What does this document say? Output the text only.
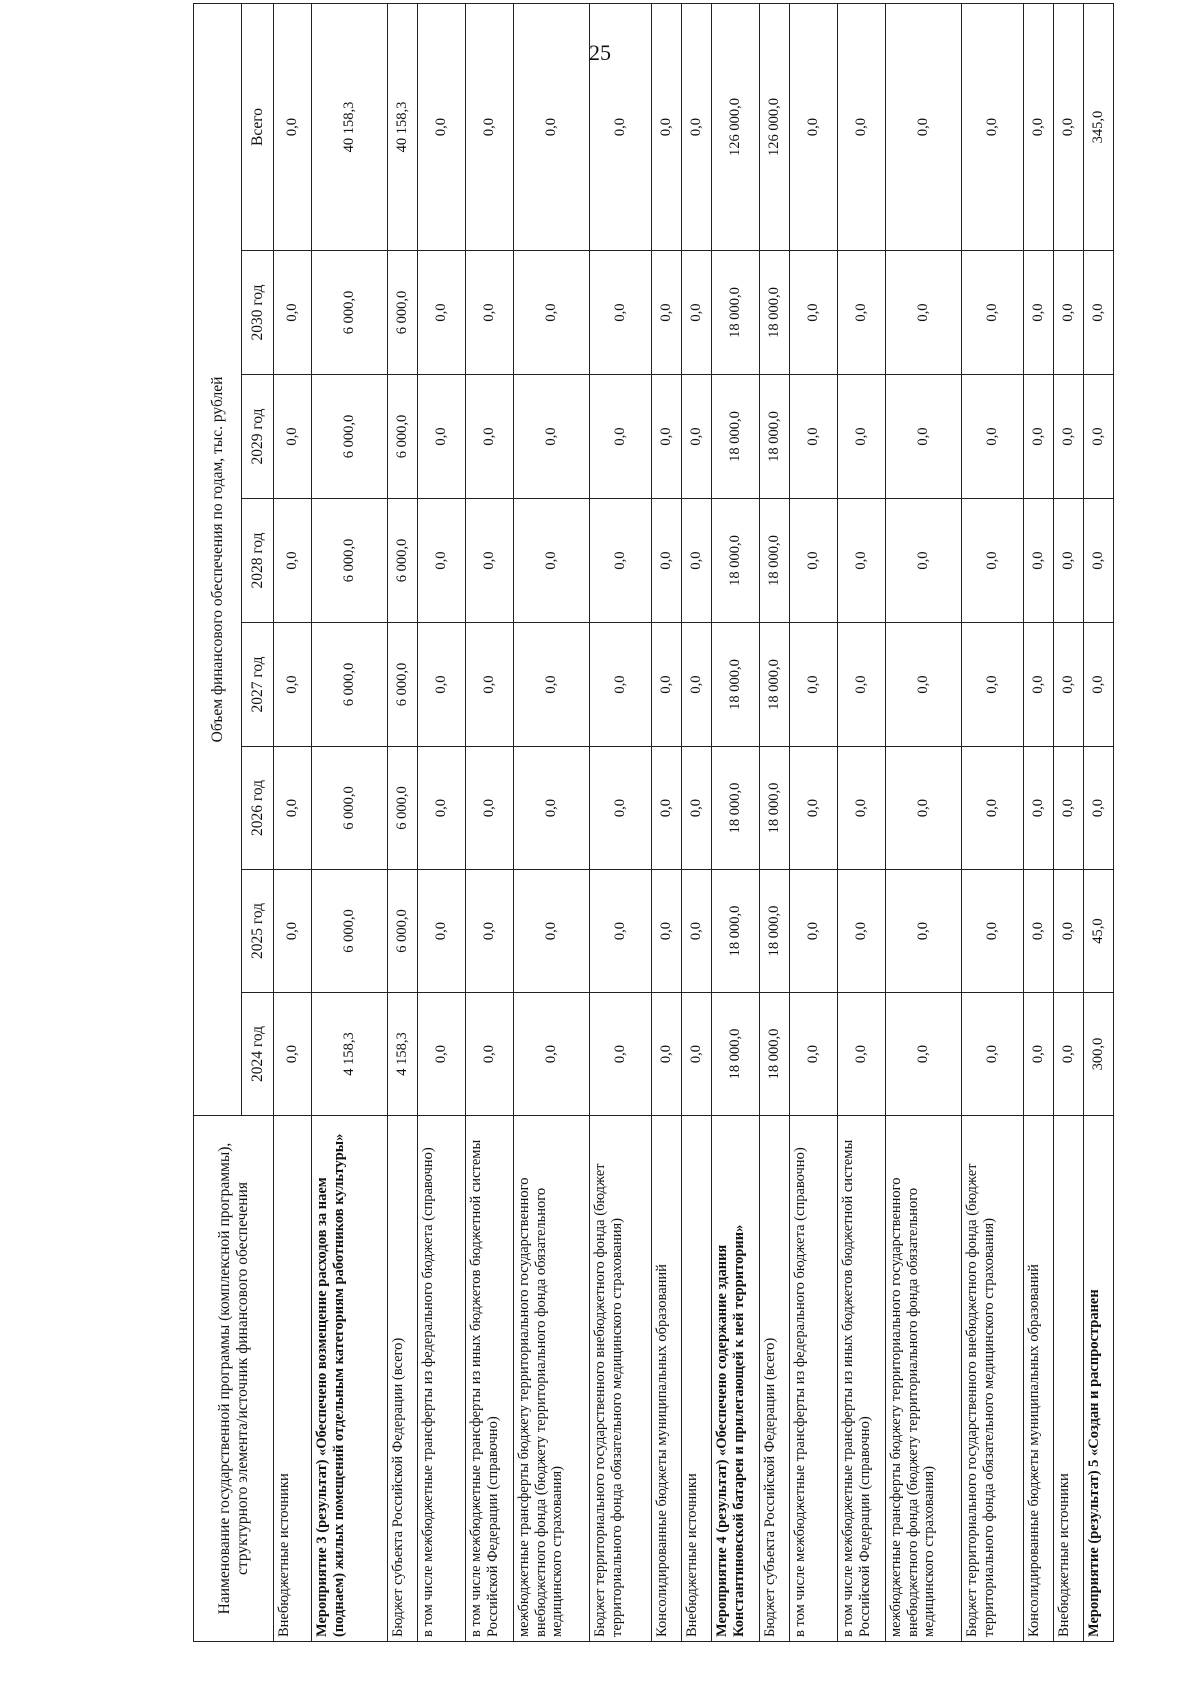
25
Наименование государственной программы (комплексной программы), структурного элемента/источник финансового обеспечения	Объем финансового обеспечения по годам, тыс. рублей							
	2024 год	2025 год	2026 год	2027 год	2028 год	2029 год	2030 год	Всего
Внебюджетные источники	0,0	0,0	0,0	0,0	0,0	0,0	0,0	0,0
Мероприятие 3 (результат) «Обеспечено возмещение расходов за наем (поднаем) жилых помещений отдельным категориям работников культуры»	4 158,3	6 000,0	6 000,0	6 000,0	6 000,0	6 000,0	6 000,0	40 158,3
Бюджет субъекта Российской Федерации (всего)	4 158,3	6 000,0	6 000,0	6 000,0	6 000,0	6 000,0	6 000,0	40 158,3
в том числе межбюджетные трансферты из федерального бюджета (справочно)	0,0	0,0	0,0	0,0	0,0	0,0	0,0	0,0
в том числе межбюджетные трансферты из иных бюджетов бюджетной системы Российской Федерации (справочно)	0,0	0,0	0,0	0,0	0,0	0,0	0,0	0,0
межбюджетные трансферты бюджету территориального государственного внебюджетного фонда (бюджету территориального фонда обязательного медицинского страхования)	0,0	0,0	0,0	0,0	0,0	0,0	0,0	0,0
Бюджет территориального государственного внебюджетного фонда (бюджет территориального фонда обязательного медицинского страхования)	0,0	0,0	0,0	0,0	0,0	0,0	0,0	0,0
Консолидированные бюджеты муниципальных образований	0,0	0,0	0,0	0,0	0,0	0,0	0,0	0,0
Внебюджетные источники	0,0	0,0	0,0	0,0	0,0	0,0	0,0	0,0
Мероприятие 4 (результат) «Обеспечено содержание здания Константиновской батареи и прилегающей к ней территории»	18 000,0	18 000,0	18 000,0	18 000,0	18 000,0	18 000,0	18 000,0	126 000,0
Бюджет субъекта Российской Федерации (всего)	18 000,0	18 000,0	18 000,0	18 000,0	18 000,0	18 000,0	18 000,0	126 000,0
в том числе межбюджетные трансферты из федерального бюджета (справочно)	0,0	0,0	0,0	0,0	0,0	0,0	0,0	0,0
в том числе межбюджетные трансферты из иных бюджетов бюджетной системы Российской Федерации (справочно)	0,0	0,0	0,0	0,0	0,0	0,0	0,0	0,0
межбюджетные трансферты бюджету территориального государственного внебюджетного фонда (бюджету территориального фонда обязательного медицинского страхования)	0,0	0,0	0,0	0,0	0,0	0,0	0,0	0,0
Бюджет территориального государственного внебюджетного фонда (бюджет территориального фонда обязательного медицинского страхования)	0,0	0,0	0,0	0,0	0,0	0,0	0,0	0,0
Консолидированные бюджеты муниципальных образований	0,0	0,0	0,0	0,0	0,0	0,0	0,0	0,0
Внебюджетные источники	0,0	0,0	0,0	0,0	0,0	0,0	0,0	0,0
Мероприятие (результат) 5 «Создан и распространен	300,0	45,0	0,0	0,0	0,0	0,0	0,0	345,0
